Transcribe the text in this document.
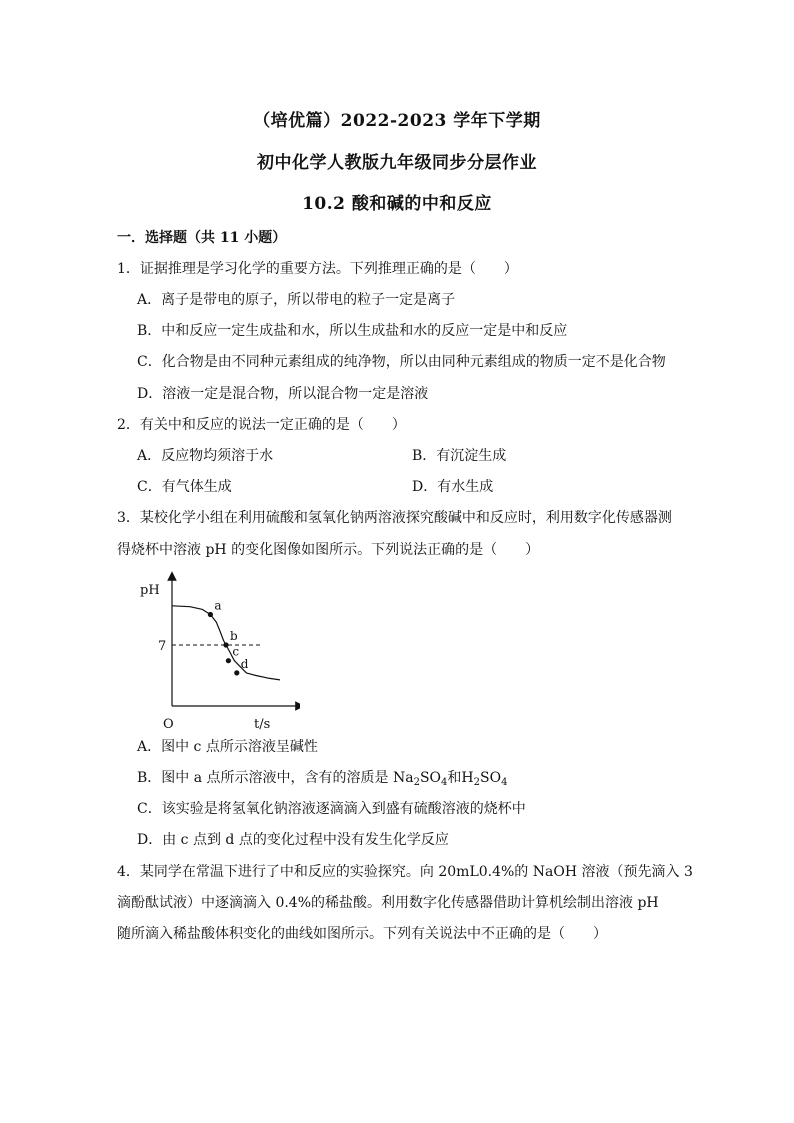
（培优篇）2022-2023 学年下学期
初中化学人教版九年级同步分层作业
10.2 酸和碱的中和反应
一．选择题（共 11 小题）
1．证据推理是学习化学的重要方法。下列推理正确的是（　　）
A．离子是带电的原子，所以带电的粒子一定是离子
B．中和反应一定生成盐和水，所以生成盐和水的反应一定是中和反应
C．化合物是由不同种元素组成的纯净物，所以由同种元素组成的物质一定不是化合物
D．溶液一定是混合物，所以混合物一定是溶液
2．有关中和反应的说法一定正确的是（　　）
A．反应物均须溶于水	B．有沉淀生成
C．有气体生成	D．有水生成
3．某校化学小组在利用硫酸和氢氧化钠两溶液探究酸碱中和反应时，利用数字化传感器测
得烧杯中溶液 pH 的变化图像如图所示。下列说法正确的是（　　）
pH
t/s
O
7
a
b
c
d
A．图中 c 点所示溶液呈碱性
B．图中 a 点所示溶液中，含有的溶质是 $Na_2SO_4$和$H_2SO_4$
C．该实验是将氢氧化钠溶液逐滴滴入到盛有硫酸溶液的烧杯中
D．由 c 点到 d 点的变化过程中没有发生化学反应
4．某同学在常温下进行了中和反应的实验探究。向 20mL0.4%的 NaOH 溶液（预先滴入 3
滴酚酞试液）中逐滴滴入 0.4%的稀盐酸。利用数字化传感器借助计算机绘制出溶液 pH
随所滴入稀盐酸体积变化的曲线如图所示。下列有关说法中不正确的是（　　）
